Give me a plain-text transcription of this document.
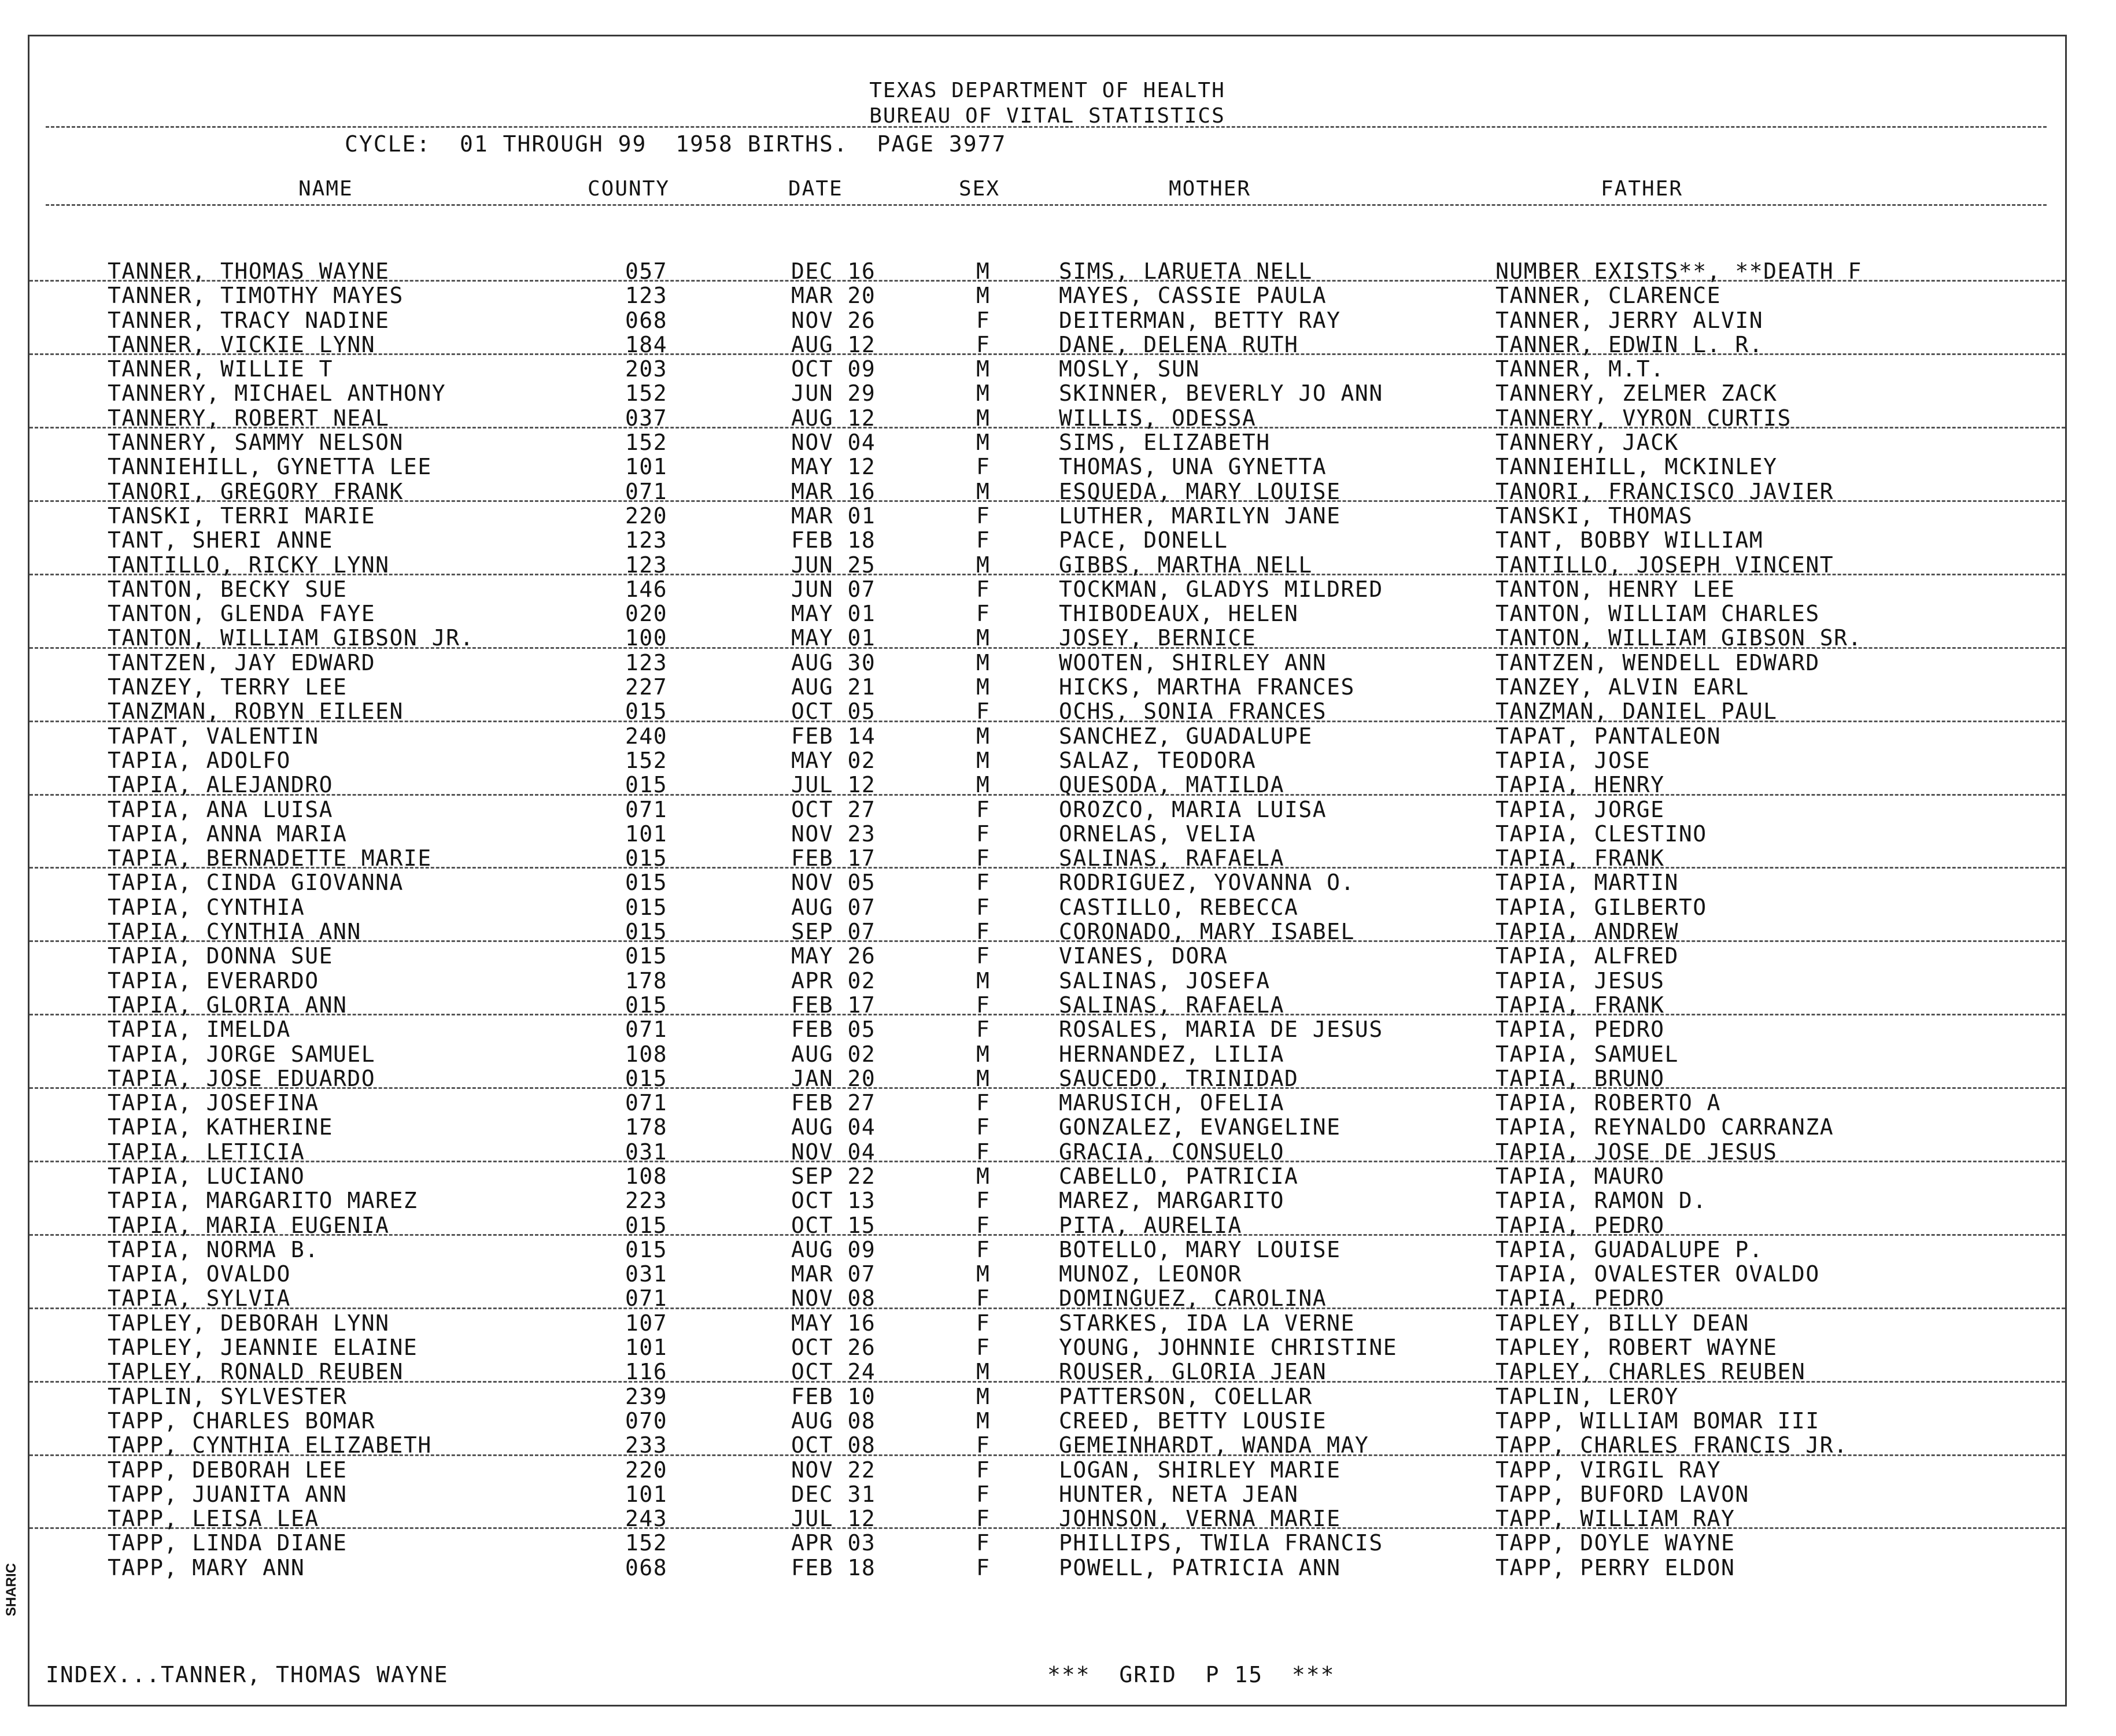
TEXAS DEPARTMENT OF HEALTH
BUREAU OF VITAL STATISTICS
CYCLE:  01 THROUGH 99  1958 BIRTHS.  PAGE 3977
NAME	COUNTY	DATE	SEX	MOTHER	FATHER
TANNER, THOMAS WAYNE	057	DEC 16	M	SIMS, LARUETA NELL	NUMBER EXISTS**, **DEATH F
TANNER, TIMOTHY MAYES	123	MAR 20	M	MAYES, CASSIE PAULA	TANNER, CLARENCE
TANNER, TRACY NADINE	068	NOV 26	F	DEITERMAN, BETTY RAY	TANNER, JERRY ALVIN
TANNER, VICKIE LYNN	184	AUG 12	F	DANE, DELENA RUTH	TANNER, EDWIN L. R.
TANNER, WILLIE T	203	OCT 09	M	MOSLY, SUN	TANNER, M.T.
TANNERY, MICHAEL ANTHONY	152	JUN 29	M	SKINNER, BEVERLY JO ANN	TANNERY, ZELMER ZACK
TANNERY, ROBERT NEAL	037	AUG 12	M	WILLIS, ODESSA	TANNERY, VYRON CURTIS
TANNERY, SAMMY NELSON	152	NOV 04	M	SIMS, ELIZABETH	TANNERY, JACK
TANNIEHILL, GYNETTA LEE	101	MAY 12	F	THOMAS, UNA GYNETTA	TANNIEHILL, MCKINLEY
TANORI, GREGORY FRANK	071	MAR 16	M	ESQUEDA, MARY LOUISE	TANORI, FRANCISCO JAVIER
TANSKI, TERRI MARIE	220	MAR 01	F	LUTHER, MARILYN JANE	TANSKI, THOMAS
TANT, SHERI ANNE	123	FEB 18	F	PACE, DONELL	TANT, BOBBY WILLIAM
TANTILLO, RICKY LYNN	123	JUN 25	M	GIBBS, MARTHA NELL	TANTILLO, JOSEPH VINCENT
TANTON, BECKY SUE	146	JUN 07	F	TOCKMAN, GLADYS MILDRED	TANTON, HENRY LEE
TANTON, GLENDA FAYE	020	MAY 01	F	THIBODEAUX, HELEN	TANTON, WILLIAM CHARLES
TANTON, WILLIAM GIBSON JR.	100	MAY 01	M	JOSEY, BERNICE	TANTON, WILLIAM GIBSON SR.
TANTZEN, JAY EDWARD	123	AUG 30	M	WOOTEN, SHIRLEY ANN	TANTZEN, WENDELL EDWARD
TANZEY, TERRY LEE	227	AUG 21	M	HICKS, MARTHA FRANCES	TANZEY, ALVIN EARL
TANZMAN, ROBYN EILEEN	015	OCT 05	F	OCHS, SONIA FRANCES	TANZMAN, DANIEL PAUL
TAPAT, VALENTIN	240	FEB 14	M	SANCHEZ, GUADALUPE	TAPAT, PANTALEON
TAPIA, ADOLFO	152	MAY 02	M	SALAZ, TEODORA	TAPIA, JOSE
TAPIA, ALEJANDRO	015	JUL 12	M	QUESODA, MATILDA	TAPIA, HENRY
TAPIA, ANA LUISA	071	OCT 27	F	OROZCO, MARIA LUISA	TAPIA, JORGE
TAPIA, ANNA MARIA	101	NOV 23	F	ORNELAS, VELIA	TAPIA, CLESTINO
TAPIA, BERNADETTE MARIE	015	FEB 17	F	SALINAS, RAFAELA	TAPIA, FRANK
TAPIA, CINDA GIOVANNA	015	NOV 05	F	RODRIGUEZ, YOVANNA O.	TAPIA, MARTIN
TAPIA, CYNTHIA	015	AUG 07	F	CASTILLO, REBECCA	TAPIA, GILBERTO
TAPIA, CYNTHIA ANN	015	SEP 07	F	CORONADO, MARY ISABEL	TAPIA, ANDREW
TAPIA, DONNA SUE	015	MAY 26	F	VIANES, DORA	TAPIA, ALFRED
TAPIA, EVERARDO	178	APR 02	M	SALINAS, JOSEFA	TAPIA, JESUS
TAPIA, GLORIA ANN	015	FEB 17	F	SALINAS, RAFAELA	TAPIA, FRANK
TAPIA, IMELDA	071	FEB 05	F	ROSALES, MARIA DE JESUS	TAPIA, PEDRO
TAPIA, JORGE SAMUEL	108	AUG 02	M	HERNANDEZ, LILIA	TAPIA, SAMUEL
TAPIA, JOSE EDUARDO	015	JAN 20	M	SAUCEDO, TRINIDAD	TAPIA, BRUNO
TAPIA, JOSEFINA	071	FEB 27	F	MARUSICH, OFELIA	TAPIA, ROBERTO A
TAPIA, KATHERINE	178	AUG 04	F	GONZALEZ, EVANGELINE	TAPIA, REYNALDO CARRANZA
TAPIA, LETICIA	031	NOV 04	F	GRACIA, CONSUELO	TAPIA, JOSE DE JESUS
TAPIA, LUCIANO	108	SEP 22	M	CABELLO, PATRICIA	TAPIA, MAURO
TAPIA, MARGARITO MAREZ	223	OCT 13	F	MAREZ, MARGARITO	TAPIA, RAMON D.
TAPIA, MARIA EUGENIA	015	OCT 15	F	PITA, AURELIA	TAPIA, PEDRO
TAPIA, NORMA B.	015	AUG 09	F	BOTELLO, MARY LOUISE	TAPIA, GUADALUPE P.
TAPIA, OVALDO	031	MAR 07	M	MUNOZ, LEONOR	TAPIA, OVALESTER OVALDO
TAPIA, SYLVIA	071	NOV 08	F	DOMINGUEZ, CAROLINA	TAPIA, PEDRO
TAPLEY, DEBORAH LYNN	107	MAY 16	F	STARKES, IDA LA VERNE	TAPLEY, BILLY DEAN
TAPLEY, JEANNIE ELAINE	101	OCT 26	F	YOUNG, JOHNNIE CHRISTINE	TAPLEY, ROBERT WAYNE
TAPLEY, RONALD REUBEN	116	OCT 24	M	ROUSER, GLORIA JEAN	TAPLEY, CHARLES REUBEN
TAPLIN, SYLVESTER	239	FEB 10	M	PATTERSON, COELLAR	TAPLIN, LEROY
TAPP, CHARLES BOMAR	070	AUG 08	M	CREED, BETTY LOUSIE	TAPP, WILLIAM BOMAR III
TAPP, CYNTHIA ELIZABETH	233	OCT 08	F	GEMEINHARDT, WANDA MAY	TAPP, CHARLES FRANCIS JR.
TAPP, DEBORAH LEE	220	NOV 22	F	LOGAN, SHIRLEY MARIE	TAPP, VIRGIL RAY
TAPP, JUANITA ANN	101	DEC 31	F	HUNTER, NETA JEAN	TAPP, BUFORD LAVON
TAPP, LEISA LEA	243	JUL 12	F	JOHNSON, VERNA MARIE	TAPP, WILLIAM RAY
TAPP, LINDA DIANE	152	APR 03	F	PHILLIPS, TWILA FRANCIS	TAPP, DOYLE WAYNE
TAPP, MARY ANN	068	FEB 18	F	POWELL, PATRICIA ANN	TAPP, PERRY ELDON
INDEX...TANNER, THOMAS WAYNE	***  GRID  P 15  ***
SHARIC
